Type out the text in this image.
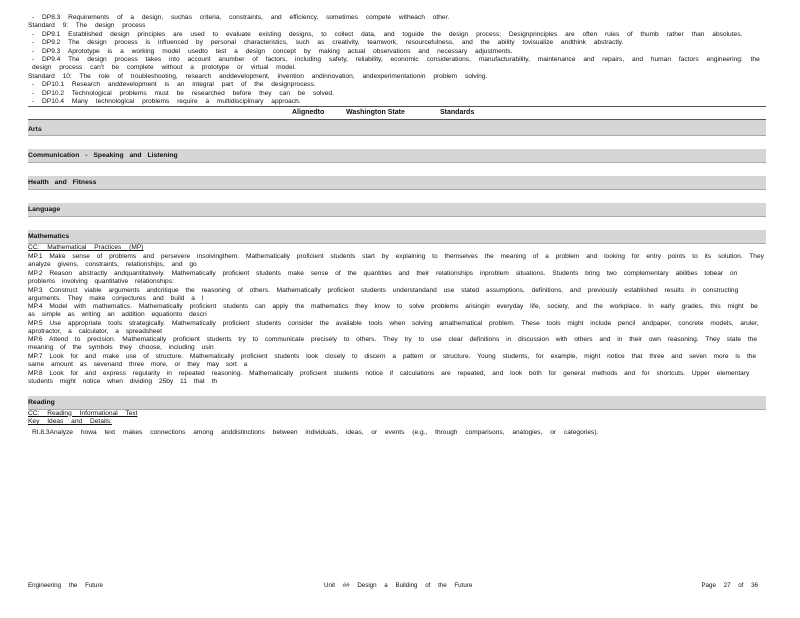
- DP8.3 Requirements of a design, suchas criteria, constraints, and efficiency, sometimes compete witheach other.
Standard 9: The design process
- DP9.1 Established design principles are used to evaluate existing designs, to collect data, and toguide the design process; Designprinciples are often rules of thumb rather than absolutes.
- DP9.2 The design process is influenced by personal characteristics, such as creativity, teamwork, resourcefulness, and the ability tovisualize andthink abstractly.
- DP9.3 Aprototype is a working model usedto test a design concept by making actual observations and necessary adjustments.
- DP9.4 The design process takes into account anumber of factors, including safety, reliability, economic considerations, manufacturability, maintenance and repairs, and human factors engineering: the design process can't be complete without a prototype or virtual model.
Standard 10: The role of troubleshooting, research anddevelopment, invention andinnovation, andexperimentationin problem solving.
- DP10.1 Research anddevelopment is an integral part of the designprocess.
- DP10.2 Technological problems must be researched before they can be solved.
- DP10.4 Many technological problems require a multidisciplinary approach.
Alignedto	Washington State	Standards
Arts
Communication - Speaking and Listening
Health and Fitness
Language
Mathematics
CC: Mathematical Practices (MP)
MP.1 Make sense of problems and persevere insolvingthem. Mathematically proficient students start by explaining to themselves the meaning of a problem and looking for entry points to its solution. They analyze givens, constraints, relationships, and go
MP.2 Reason abstractly andquantitatively. Mathematically proficient students make sense of the quantities and their relationships inproblem situations. Students bring two complementary abilities tobear on problems involving quantitative relationships:
MP.3 Construct viable arguments andcritique the reasoning of others. Mathematically proficient students understandand use stated assumptions, definitions, and previously established results in constructing arguments. They make conjectures and build a l
MP.4 Model with mathematics. Mathematically proficient students can apply the mathematics they know to solve problems arisingin everyday life, society, and the workplace. In early grades, this might be as simple as writing an addition equationto descri
MP.5 Use appropriate tools strategically. Mathematically proficient students consider the available tools when solving amathematical problem. These tools might include pencil andpaper, concrete models, aruler, aprotractor, a calculator, a spreadsheet
MP.6 Attend to precision. Mathematically proficient students try to communicate precisely to others. They try to use clear definitions in discussion with others and in their own reasoning. They state the meaning of the symbols they choose, including usin
MP.7 Look for and make use of structure. Mathematically proficient students look closely to discern a pattern or structure. Young students, for example, might notice that three and seven more is the same amount as sevenand three more, or they may sort a
MP.8 Look for and express regularity in repeated reasoning. Mathematically proficient students notice if calculations are repeated, and look both for general methods and for shortcuts. Upper elementary students might notice when dividing 25by 11 that th
Reading
CC: Reading Informational Text
Key Ideas and Details:
RI.8.3Analyze howa text makes connections among anddistinctions between individuals, ideas, or events (e.g., through comparisons, analogies, or categories).
Engineering the Future	Unit ## Design a Building of the Future	Page 27 of 36
